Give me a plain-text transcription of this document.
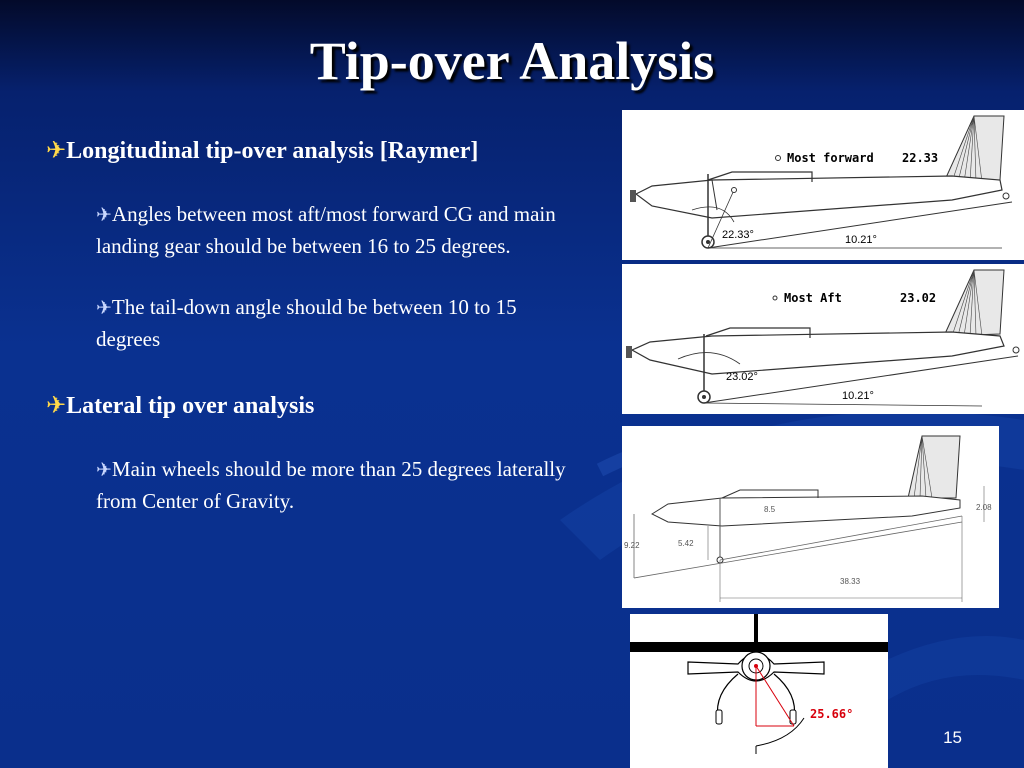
Tip-over Analysis
✈Longitudinal tip-over analysis [Raymer]
✈Angles between most aft/most forward CG and main landing gear should be between 16 to 25 degrees.
✈The tail-down angle should be between 10 to 15 degrees
✈Lateral tip over analysis
✈Main wheels should be more than 25 degrees laterally from Center of Gravity.
Most forward 22.33
22.33°	10.21°
Most Aft	23.02
23.02°
10.21°
8.5	2.08
9.22	5.42
38.33
25.66°
15
